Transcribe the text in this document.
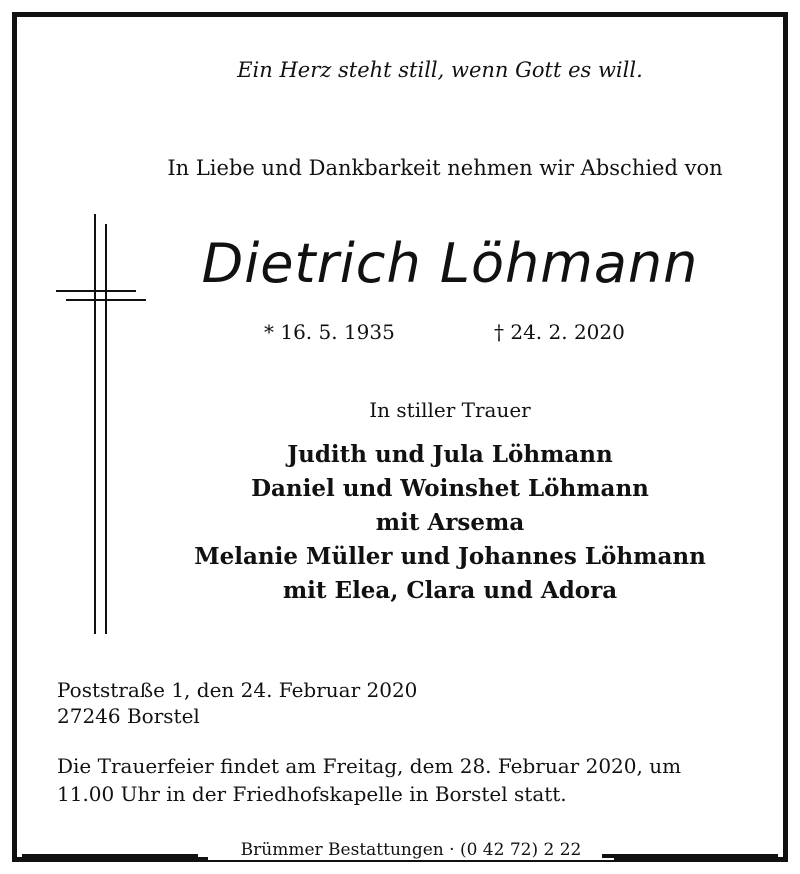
Ein Herz steht still, wenn Gott es will.
In Liebe und Dankbarkeit nehmen wir Abschied von
Dietrich Löhmann
* 16. 5. 1935	† 24. 2. 2020
In stiller Trauer
Judith und Jula Löhmann
Daniel und Woinshet Löhmann
mit Arsema
Melanie Müller und Johannes Löhmann
mit Elea, Clara und Adora
Poststraße 1, den 24. Februar 2020
27246 Borstel
Die Trauerfeier findet am Freitag, dem 28. Februar 2020, um
11.00 Uhr in der Friedhofskapelle in Borstel statt.
Brümmer Bestattungen · (0 42 72) 2 22
